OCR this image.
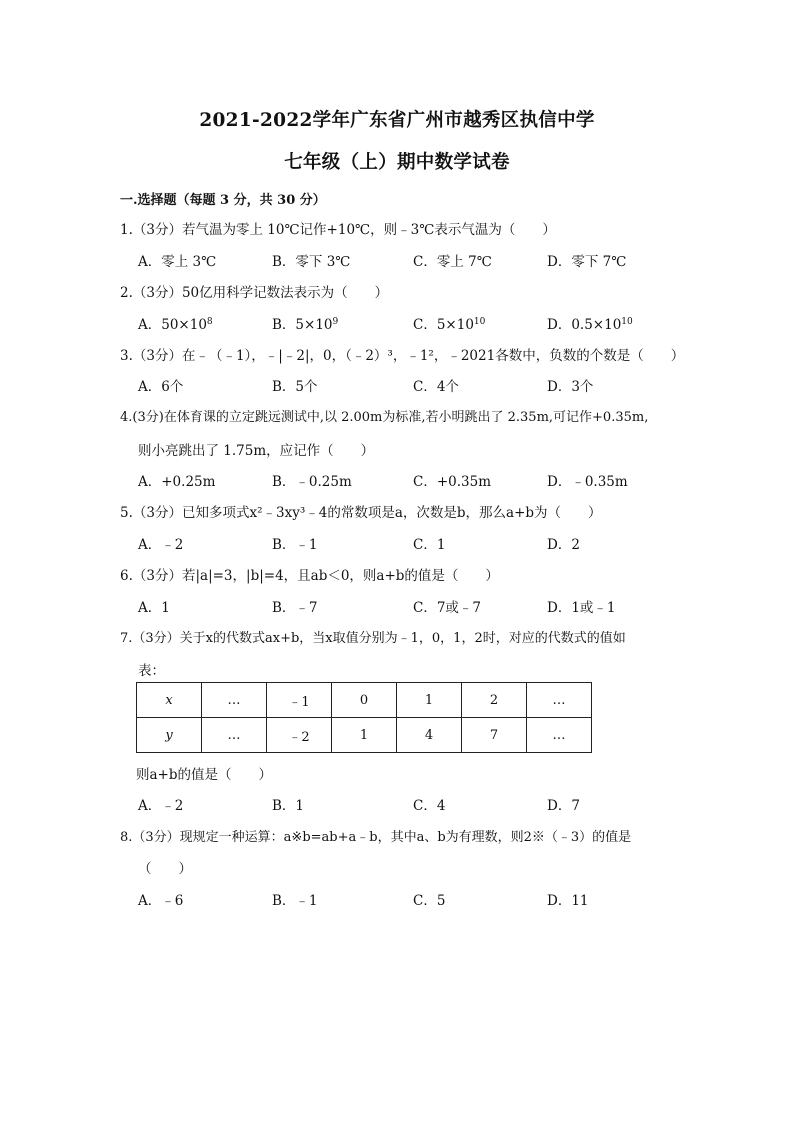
2021-2022学年广东省广州市越秀区执信中学
七年级（上）期中数学试卷
一.选择题（每题 3 分，共 30 分）
1.（3分）若气温为零上 10℃记作+10℃，则﹣3℃表示气温为（　　）
A．零上 3℃	B．零下 3℃	C．零上 7℃	D．零下 7℃
2.（3分）50亿用科学记数法表示为（　　）
A．$50\times 10^8$	B．$5\times 10^9$	C．$5\times 10^{10}$	D．$0.5\times 10^{10}$
3.（3分）在﹣（﹣1），﹣|﹣2|，0，（﹣2）³，﹣1²，﹣2021各数中，负数的个数是（　　）
A．6个	B．5个	C．4个	D．3个
4.(3分)在体育课的立定跳远测试中,以 2.00m为标准,若小明跳出了 2.35m,可记作+0.35m,
则小亮跳出了 1.75m，应记作（　　）
A．+0.25m	B．﹣0.25m	C．+0.35m	D．﹣0.35m
5.（3分）已知多项式x²﹣3xy³﹣4的常数项是a，次数是b，那么a+b为（　　）
A．﹣2	B．﹣1	C．1	D．2
6.（3分）若|a|=3，|b|=4，且ab＜0，则a+b的值是（　　）
A．1	B．﹣7	C．7或﹣7	D．1或﹣1
7.（3分）关于x的代数式ax+b，当x取值分别为﹣1，0，1，2时，对应的代数式的值如
表：
x	…	﹣1	0	1	2	…
y	…	﹣2	1	4	7	…
则a+b的值是（　　）
A．﹣2	B．1	C．4	D．7
8.（3分）现规定一种运算：a※b=ab+a﹣b，其中a、b为有理数，则2※（﹣3）的值是
（　　）
A．﹣6	B．﹣1	C．5	D．11
